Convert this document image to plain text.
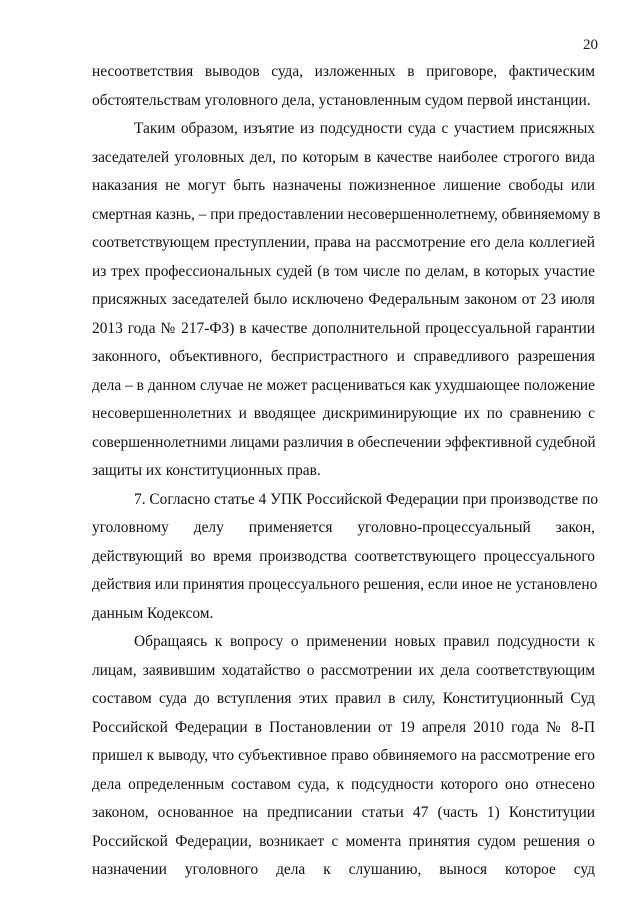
20
несоответствия выводов суда, изложенных в приговоре, фактическим
обстоятельствам уголовного дела, установленным судом первой инстанции.
Таким образом, изъятие из подсудности суда с участием присяжных
заседателей уголовных дел, по которым в качестве наиболее строгого вида
наказания не могут быть назначены пожизненное лишение свободы или
смертная казнь, – при предоставлении несовершеннолетнему, обвиняемому в
соответствующем преступлении, права на рассмотрение его дела коллегией
из трех профессиональных судей (в том числе по делам, в которых участие
присяжных заседателей было исключено Федеральным законом от 23 июля
2013 года № 217-ФЗ) в качестве дополнительной процессуальной гарантии
законного, объективного, беспристрастного и справедливого разрешения
дела – в данном случае не может расцениваться как ухудшающее положение
несовершеннолетних и вводящее дискриминирующие их по сравнению с
совершеннолетними лицами различия в обеспечении эффективной судебной
защиты их конституционных прав.
7. Согласно статье 4 УПК Российской Федерации при производстве по
уголовному делу применяется уголовно-процессуальный закон,
действующий во время производства соответствующего процессуального
действия или принятия процессуального решения, если иное не установлено
данным Кодексом.
Обращаясь к вопросу о применении новых правил подсудности к
лицам, заявившим ходатайство о рассмотрении их дела соответствующим
составом суда до вступления этих правил в силу, Конституционный Суд
Российской Федерации в Постановлении от 19 апреля 2010 года № 8-П
пришел к выводу, что субъективное право обвиняемого на рассмотрение его
дела определенным составом суда, к подсудности которого оно отнесено
законом, основанное на предписании статьи 47 (часть 1) Конституции
Российской Федерации, возникает с момента принятия судом решения о
назначении уголовного дела к слушанию, вынося которое суд
